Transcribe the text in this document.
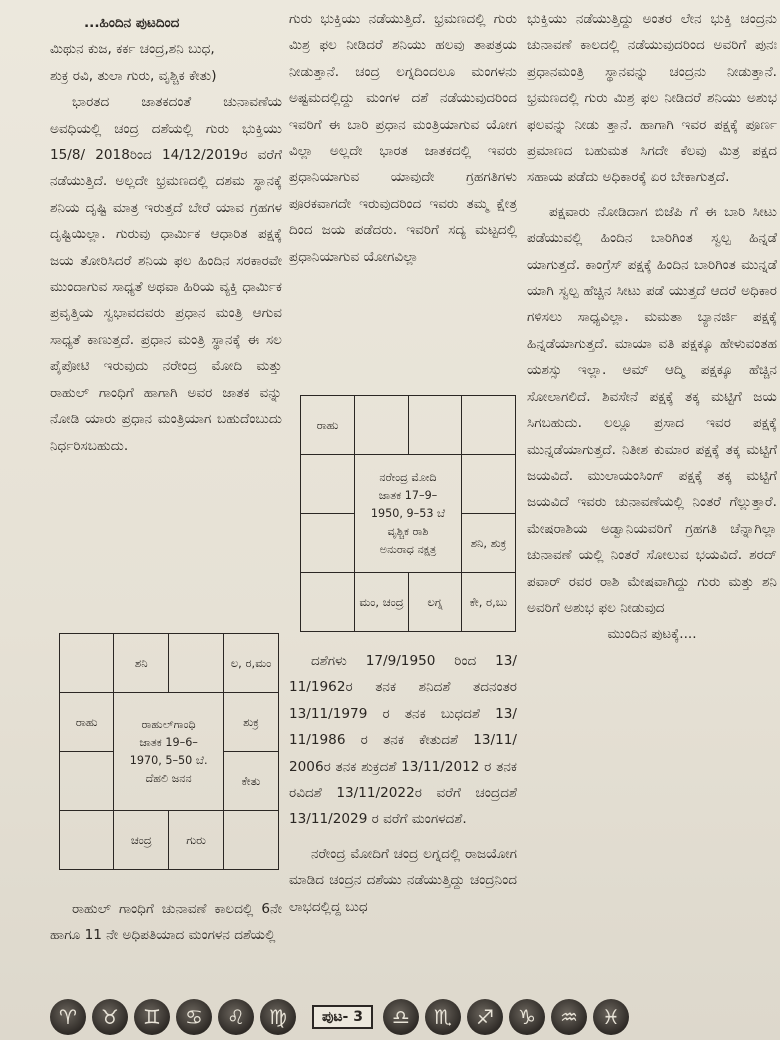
...ಹಿಂದಿನ ಪುಟದಿಂದ

ಮಿಥುನ ಕುಜ, ಕರ್ಕ ಚಂದ್ರ,ಶನಿ ಬುಧ,

ಶುಕ್ರ ರವಿ, ತುಲಾ ಗುರು, ವೃಶ್ಚಿಕ ಕೇತು)

ಭಾರತದ ಜಾತಕದಂತೆ ಚುನಾವಣೆಯ ಅವಧಿಯಲ್ಲಿ ಚಂದ್ರ ದಶೆಯಲ್ಲಿ ಗುರು ಭುಕ್ತಿಯು 15/8/ 2018ರಿಂದ 14/12/2019ರ ವರೆಗೆ ನಡೆಯುತ್ತಿದೆ. ಅಲ್ಲದೇ ಭ್ರಮಣದಲ್ಲಿ ದಶಮ ಸ್ಥಾನಕ್ಕೆ ಶನಿಯ ದೃಷ್ಟಿ ಮಾತ್ರ ಇರುತ್ತದೆ ಬೇರೆ ಯಾವ ಗ್ರಹಗಳ ದೃಷ್ಟಿಯಿಲ್ಲಾ. ಗುರುವು ಧಾರ್ಮಿಕ ಆಧಾರಿತ ಪಕ್ಷಕ್ಕೆ ಜಯ ತೋರಿಸಿದರೆ ಶನಿಯ ಫಲ ಹಿಂದಿನ ಸರಕಾರವೇ ಮುಂದಾಗುವ ಸಾಧ್ಯತೆ ಅಥವಾ ಹಿರಿಯ ವ್ಯಕ್ತಿ ಧಾರ್ಮಿಕ ಪ್ರವೃತ್ತಿಯ ಸ್ವಭಾವದವರು ಪ್ರಧಾನ ಮಂತ್ರಿ ಆಗುವ ಸಾಧ್ಯತೆ ಕಾಣುತ್ತದೆ. ಪ್ರಧಾನ ಮಂತ್ರಿ ಸ್ಥಾನಕ್ಕೆ ಈ ಸಲ ಪೈಪೋಟಿ ಇರುವುದು ನರೇಂದ್ರ ಮೋದಿ ಮತ್ತು ರಾಹುಲ್ ಗಾಂಧಿಗೆ ಹಾಗಾಗಿ ಅವರ ಜಾತಕ ವನ್ನು ನೋಡಿ ಯಾರು ಪ್ರಧಾನ ಮಂತ್ರಿಯಾಗ ಬಹುದೆಂಬುದು ನಿರ್ಧರಿಸಬಹುದು.

	ಶನಿ		ಲ, ರ,ಮಂ
ರಾಹು	ರಾಹುಲ್‌ಗಾಂಧಿ
ಜಾತಕ 19–6–
1970, 5–50 ಬೆ.
ದೆಹಲಿ ಜನನ		ಶುಕ್ರ
			ಕೇತು
	ಚಂದ್ರ	ಗುರು	

ರಾಹುಲ್ ಗಾಂಧಿಗೆ ಚುನಾವಣೆ ಕಾಲದಲ್ಲಿ 6ನೇ ಹಾಗೂ 11 ನೇ ಅಧಿಪತಿಯಾದ ಮಂಗಳನ ದಶೆಯಲ್ಲಿ

ಗುರು ಭುಕ್ತಿಯು ನಡೆಯುತ್ತಿದೆ. ಭ್ರಮಣದಲ್ಲಿ ಗುರು ಮಿಶ್ರ ಫಲ ನೀಡಿದರೆ ಶನಿಯು ಹಲವು ತಾಪತ್ರಯ ನೀಡುತ್ತಾನೆ. ಚಂದ್ರ ಲಗ್ನದಿಂದಲೂ ಮಂಗಳನು ಅಷ್ಟಮದಲ್ಲಿದ್ದು ಮಂಗಳ ದಶೆ ನಡೆಯುವುದರಿಂದ ಇವರಿಗೆ ಈ ಬಾರಿ ಪ್ರಧಾನ ಮಂತ್ರಿಯಾಗುವ ಯೋಗ ವಿಲ್ಲಾ ಅಲ್ಲದೇ ಭಾರತ ಜಾತಕದಲ್ಲಿ ಇವರು ಪ್ರಧಾನಿಯಾಗುವ ಯಾವುದೇ ಗ್ರಹಗತಿಗಳು ಪೂರಕವಾಗದೇ ಇರುವುದರಿಂದ ಇವರು ತಮ್ಮ ಕ್ಷೇತ್ರ ದಿಂದ ಜಯ ಪಡೆದರು. ಇವರಿಗೆ ಸದ್ಯ ಮಟ್ಟದಲ್ಲಿ ಪ್ರಧಾನಿಯಾಗುವ ಯೋಗವಿಲ್ಲಾ

ರಾಹು			

	ನರೇಂದ್ರ ಮೋದಿ
ಜಾತಕ 17–9–
1950, 9–53 ಬೆ
ವೃಶ್ಚಿಕ ರಾಶಿ
ಅನುರಾಧ ನಕ್ಷತ್ರ		

			ಶನಿ, ಶುಕ್ರ
	ಮಂ, ಚಂದ್ರ	ಲಗ್ನ	ಕೇ, ರ,ಬು

ದಶೆಗಳು 17/9/1950 ರಿಂದ 13/ 11/1962ರ ತನಕ ಶನಿದಶೆ ತದನಂತರ 13/11/1979 ರ ತನಕ ಬುಧದಶೆ 13/ 11/1986 ರ ತನಕ ಕೇತುದಶೆ 13/11/ 2006ರ ತನಕ ಶುಕ್ರದಶೆ 13/11/2012 ರ ತನಕ ರವಿದಶೆ 13/11/2022ರ ವರೆಗೆ ಚಂದ್ರದಶೆ 13/11/2029 ರ ವರೆಗೆ ಮಂಗಳದಶೆ.

ನರೇಂದ್ರ ಮೋದಿಗೆ ಚಂದ್ರ ಲಗ್ನದಲ್ಲಿ ರಾಜಯೋಗ ಮಾಡಿದ ಚಂದ್ರನ ದಶೆಯು ನಡೆಯುತ್ತಿದ್ದು ಚಂದ್ರನಿಂದ ಲಾಭದಲ್ಲಿದ್ದ ಬುಧ

ಭುಕ್ತಿಯು ನಡೆಯುತ್ತಿದ್ದು ಅಂತರ ಲೇನ ಭುಕ್ತಿ ಚಂದ್ರನು ಚುನಾವಣೆ ಕಾಲದಲ್ಲಿ ನಡೆಯುವುದರಿಂದ ಅವರಿಗೆ ಪುನಃ ಪ್ರಧಾನಮಂತ್ರಿ ಸ್ಥಾನವನ್ನು ಚಂದ್ರನು ನೀಡುತ್ತಾನೆ. ಭ್ರಮಣದಲ್ಲಿ ಗುರು ಮಿಶ್ರ ಫಲ ನೀಡಿದರೆ ಶನಿಯು ಅಶುಭ ಫಲವನ್ನು ನೀಡು ತ್ತಾನೆ. ಹಾಗಾಗಿ ಇವರ ಪಕ್ಷಕ್ಕೆ ಪೂರ್ಣ ಪ್ರಮಾಣದ ಬಹುಮತ ಸಿಗದೇ ಕೆಲವು ಮಿತ್ರ ಪಕ್ಷದ ಸಹಾಯ ಪಡೆದು ಅಧಿಕಾರಕ್ಕೆ ಏರ ಬೇಕಾಗುತ್ತದೆ.

ಪಕ್ಷವಾರು ನೋಡಿದಾಗ ಬಿಜೆಪಿ ಗೆ ಈ ಬಾರಿ ಸೀಟು ಪಡೆಯುವಲ್ಲಿ ಹಿಂದಿನ ಬಾರಿಗಿಂತ ಸ್ವಲ್ಪ ಹಿನ್ನಡೆ ಯಾಗುತ್ತದೆ. ಕಾಂಗ್ರೆಸ್ ಪಕ್ಷಕ್ಕೆ ಹಿಂದಿನ ಬಾರಿಗಿಂತ ಮುನ್ನಡೆ ಯಾಗಿ ಸ್ವಲ್ಪ ಹೆಚ್ಚಿನ ಸೀಟು ಪಡೆ ಯುತ್ತದೆ ಆದರೆ ಅಧಿಕಾರ ಗಳಿಸಲು ಸಾಧ್ಯವಿಲ್ಲಾ. ಮಮತಾ ಬ್ಯಾನರ್ಜಿ ಪಕ್ಷಕ್ಕೆ ಹಿನ್ನಡೆಯಾಗುತ್ತದೆ. ಮಾಯಾ ವತಿ ಪಕ್ಷಕ್ಕೂ ಹೇಳುವಂತಹ ಯಶಸ್ಸು ಇಲ್ಲಾ. ಆಮ್ ಆದ್ಮಿ ಪಕ್ಷಕ್ಕೂ ಹೆಚ್ಚಿನ ಸೋಲಾಗಲಿದೆ. ಶಿವಸೇನೆ ಪಕ್ಷಕ್ಕೆ ತಕ್ಕ ಮಟ್ಟಿಗೆ ಜಯ ಸಿಗಬಹುದು. ಲಲ್ಲೂ ಪ್ರಸಾದ ಇವರ ಪಕ್ಷಕ್ಕೆ ಮುನ್ನಡೆಯಾಗುತ್ತದೆ. ನಿತೀಶ ಕುಮಾರ ಪಕ್ಷಕ್ಕೆ ತಕ್ಕ ಮಟ್ಟಿಗೆ ಜಯವಿದೆ. ಮುಲಾಯಂಸಿಂಗ್ ಪಕ್ಷಕ್ಕೆ ತಕ್ಕ ಮಟ್ಟಿಗೆ ಜಯವಿದೆ ಇವರು ಚುನಾವಣೆಯಲ್ಲಿ ನಿಂತರೆ ಗೆಲ್ಲುತ್ತಾರೆ. ಮೇಷರಾಶಿಯ ಅಡ್ವಾನಿಯವರಿಗೆ ಗ್ರಹಗತಿ ಚೆನ್ನಾಗಿಲ್ಲಾ ಚುನಾವಣೆ ಯಲ್ಲಿ ನಿಂತರೆ ಸೋಲುವ ಭಯವಿದೆ. ಶರದ್ ಪವಾರ್ ರವರ ರಾಶಿ ಮೇಷವಾಗಿದ್ದು ಗುರು ಮತ್ತು ಶನಿ ಅವರಿಗೆ ಅಶುಭ ಫಲ ನೀಡುವುದ

ಮುಂದಿನ ಪುಟಕ್ಕೆ....

♈	♉	♊	♋	♌	♍	ಪುಟ- 3	♎	♏	♐	♑	♒	♓
